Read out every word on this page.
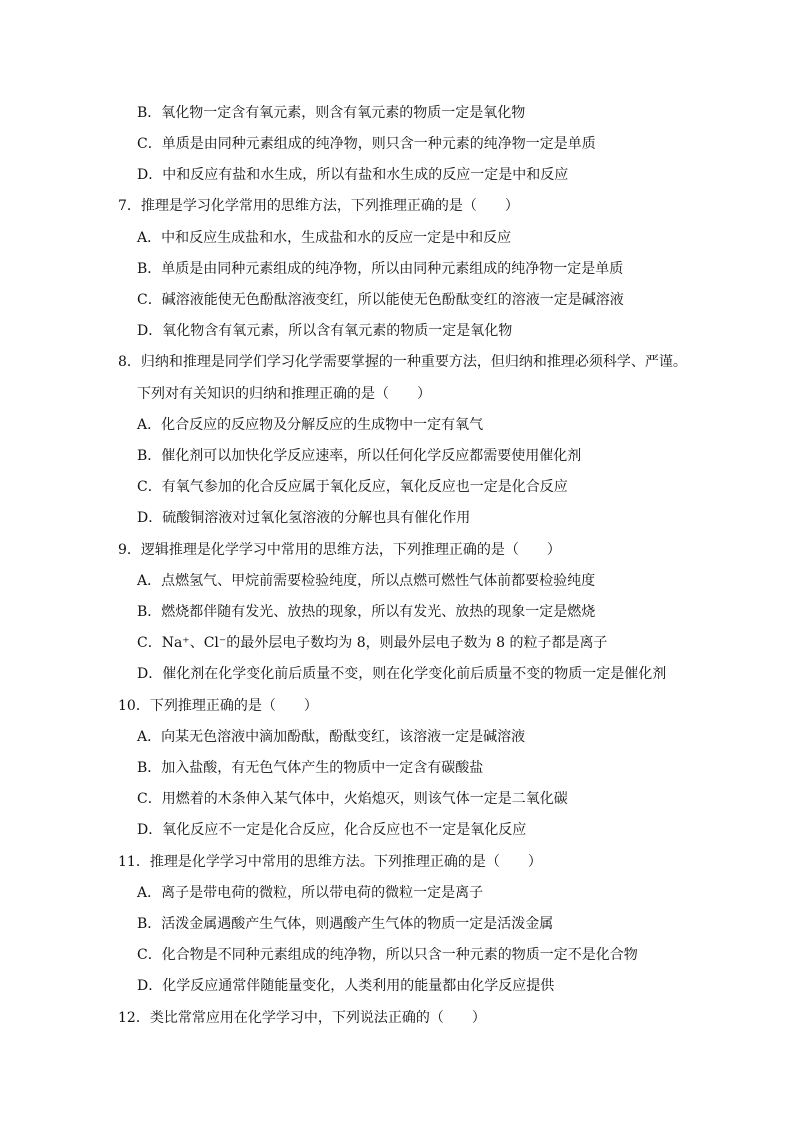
B．氧化物一定含有氧元素，则含有氧元素的物质一定是氧化物
C．单质是由同种元素组成的纯净物，则只含一种元素的纯净物一定是单质
D．中和反应有盐和水生成，所以有盐和水生成的反应一定是中和反应
7．推理是学习化学常用的思维方法，下列推理正确的是（　　）
A．中和反应生成盐和水，生成盐和水的反应一定是中和反应
B．单质是由同种元素组成的纯净物，所以由同种元素组成的纯净物一定是单质
C．碱溶液能使无色酚酞溶液变红，所以能使无色酚酞变红的溶液一定是碱溶液
D．氧化物含有氧元素，所以含有氧元素的物质一定是氧化物
8．归纳和推理是同学们学习化学需要掌握的一种重要方法，但归纳和推理必须科学、严谨。
下列对有关知识的归纳和推理正确的是（　　）
A．化合反应的反应物及分解反应的生成物中一定有氧气
B．催化剂可以加快化学反应速率，所以任何化学反应都需要使用催化剂
C．有氧气参加的化合反应属于氧化反应，氧化反应也一定是化合反应
D．硫酸铜溶液对过氧化氢溶液的分解也具有催化作用
9．逻辑推理是化学学习中常用的思维方法，下列推理正确的是（　　）
A．点燃氢气、甲烷前需要检验纯度，所以点燃可燃性气体前都要检验纯度
B．燃烧都伴随有发光、放热的现象，所以有发光、放热的现象一定是燃烧
C．Na⁺、Cl⁻的最外层电子数均为 8，则最外层电子数为 8 的粒子都是离子
D．催化剂在化学变化前后质量不变，则在化学变化前后质量不变的物质一定是催化剂
10．下列推理正确的是（　　）
A．向某无色溶液中滴加酚酞，酚酞变红，该溶液一定是碱溶液
B．加入盐酸，有无色气体产生的物质中一定含有碳酸盐
C．用燃着的木条伸入某气体中，火焰熄灭，则该气体一定是二氧化碳
D．氧化反应不一定是化合反应，化合反应也不一定是氧化反应
11．推理是化学学习中常用的思维方法。下列推理正确的是（　　）
A．离子是带电荷的微粒，所以带电荷的微粒一定是离子
B．活泼金属遇酸产生气体，则遇酸产生气体的物质一定是活泼金属
C．化合物是不同种元素组成的纯净物，所以只含一种元素的物质一定不是化合物
D．化学反应通常伴随能量变化，人类利用的能量都由化学反应提供
12．类比常常应用在化学学习中，下列说法正确的（　　）
